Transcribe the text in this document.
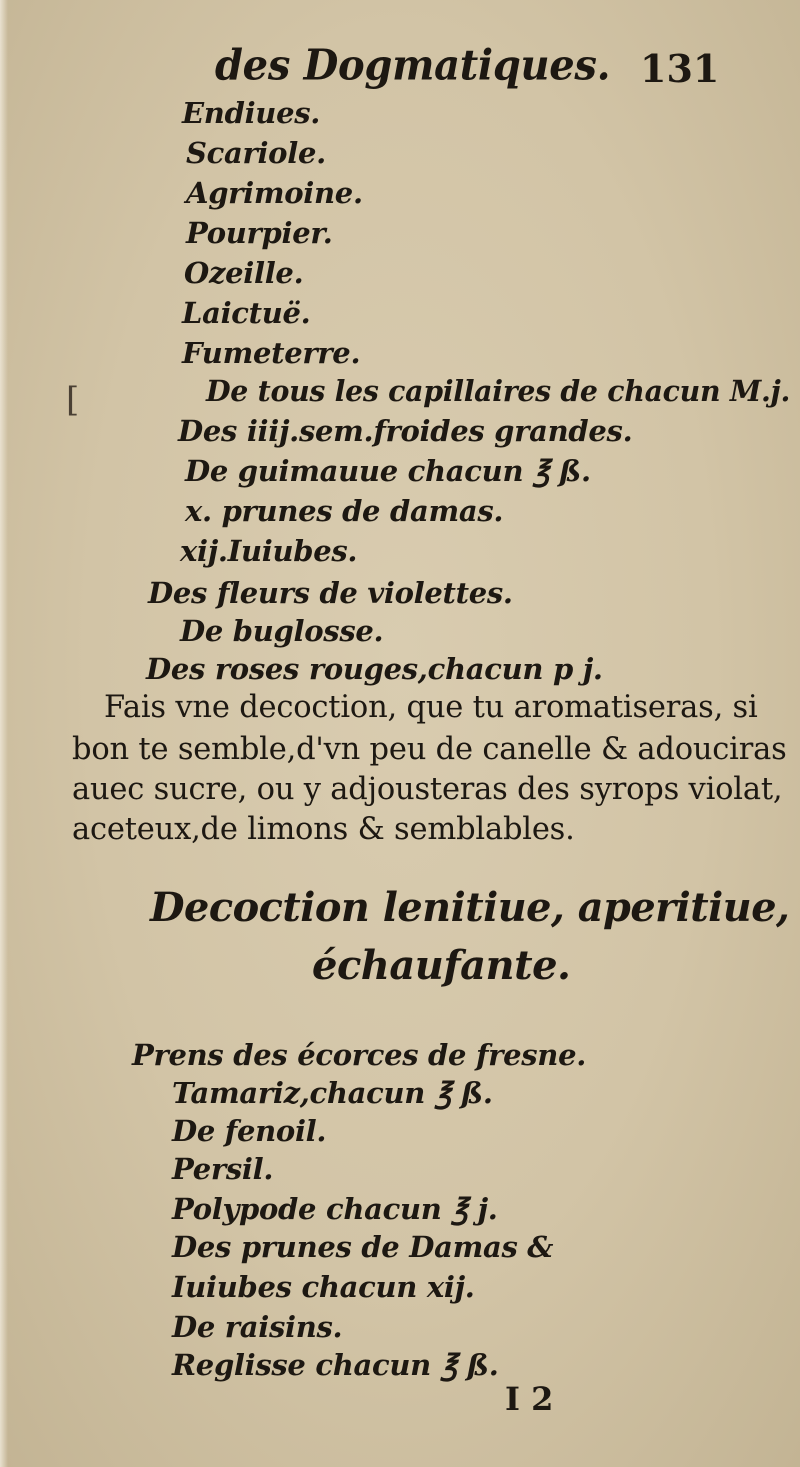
des Dogmatiques. 131
[
Endiues.
Scariole.
Agrimoine.
Pourpier.
Ozeille.
Laictuë.
Fumeterre.
De tous les capillaires de chacun M.j.
Des iiij.sem.froides grandes.
De guimauue chacun ℥ ß.
x. prunes de damas.
xij.Iuiubes.
Des fleurs de violettes.
De buglosse.
Des roses rouges,chacun p j.
Fais vne decoction, que tu aromatiseras, si
bon te semble,d'vn peu de canelle & adouciras
auec sucre, ou y adjousteras des syrops violat,
aceteux,de limons & semblables.
Decoction lenitiue, aperitiue,
échaufante.
Prens des écorces de fresne.
Tamariz,chacun ℥ ß.
De fenoil.
Persil.
Polypode chacun ℥ j.
Des prunes de Damas &
Iuiubes chacun xij.
De raisins.
Reglisse chacun ℥ ß.
I 2
